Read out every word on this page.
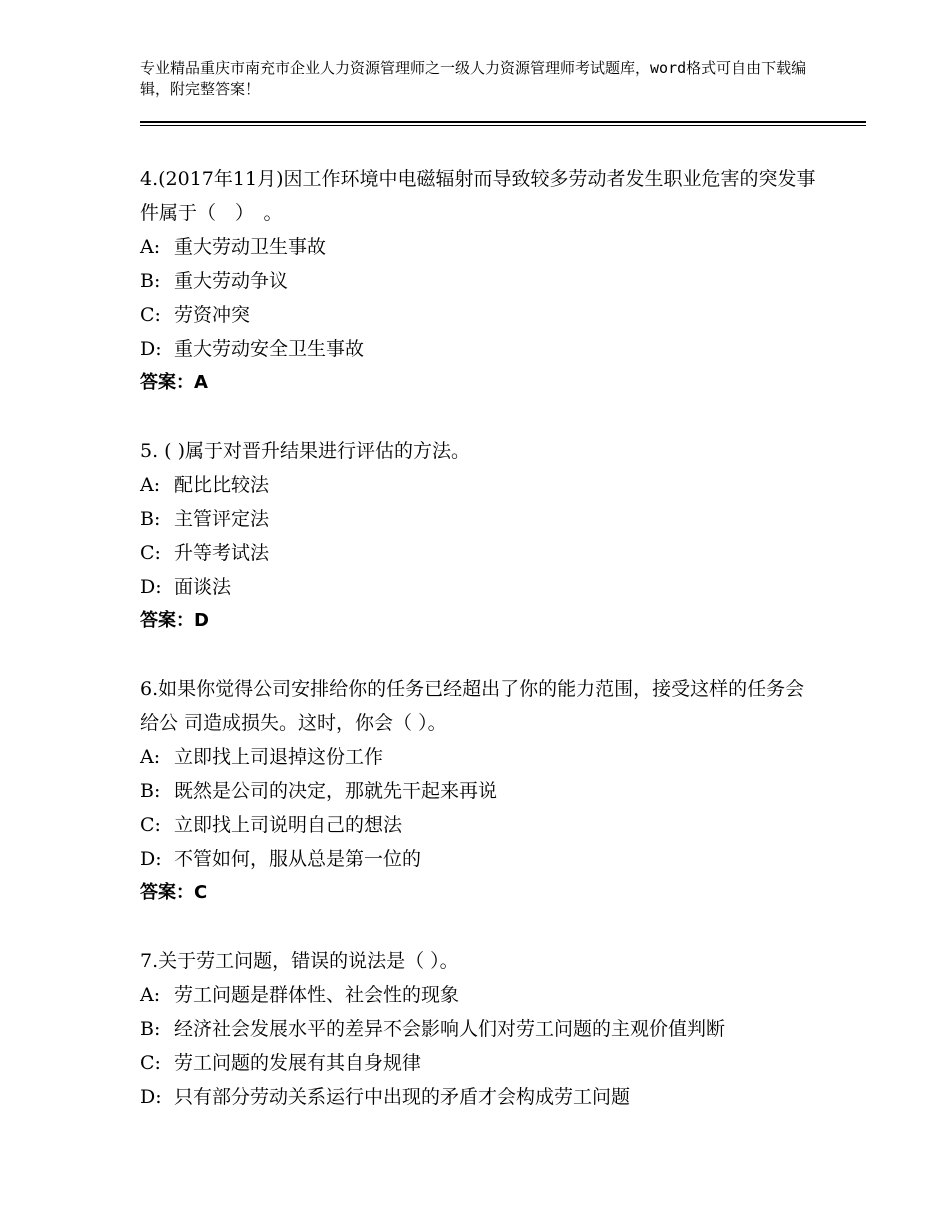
专业精品重庆市南充市企业人力资源管理师之一级人力资源管理师考试题库，word格式可自由下载编辑，附完整答案！
4.(2017年11月)因工作环境中电磁辐射而导致较多劳动者发生职业危害的突发事件属于（　）　。
A: 重大劳动卫生事故
B: 重大劳动争议
C: 劳资冲突
D: 重大劳动安全卫生事故
答案：A
5. ( )属于对晋升结果进行评估的方法。
A: 配比比较法
B: 主管评定法
C: 升等考试法
D: 面谈法
答案：D
6.如果你觉得公司安排给你的任务已经超出了你的能力范围，接受这样的任务会给公 司造成损失。这时，你会（ ）。
A: 立即找上司退掉这份工作
B: 既然是公司的决定，那就先干起来再说
C: 立即找上司说明自己的想法
D: 不管如何，服从总是第一位的
答案：C
7.关于劳工问题，错误的说法是（ ）。
A: 劳工问题是群体性、社会性的现象
B: 经济社会发展水平的差异不会影响人们对劳工问题的主观价值判断
C: 劳工问题的发展有其自身规律
D: 只有部分劳动关系运行中出现的矛盾才会构成劳工问题
